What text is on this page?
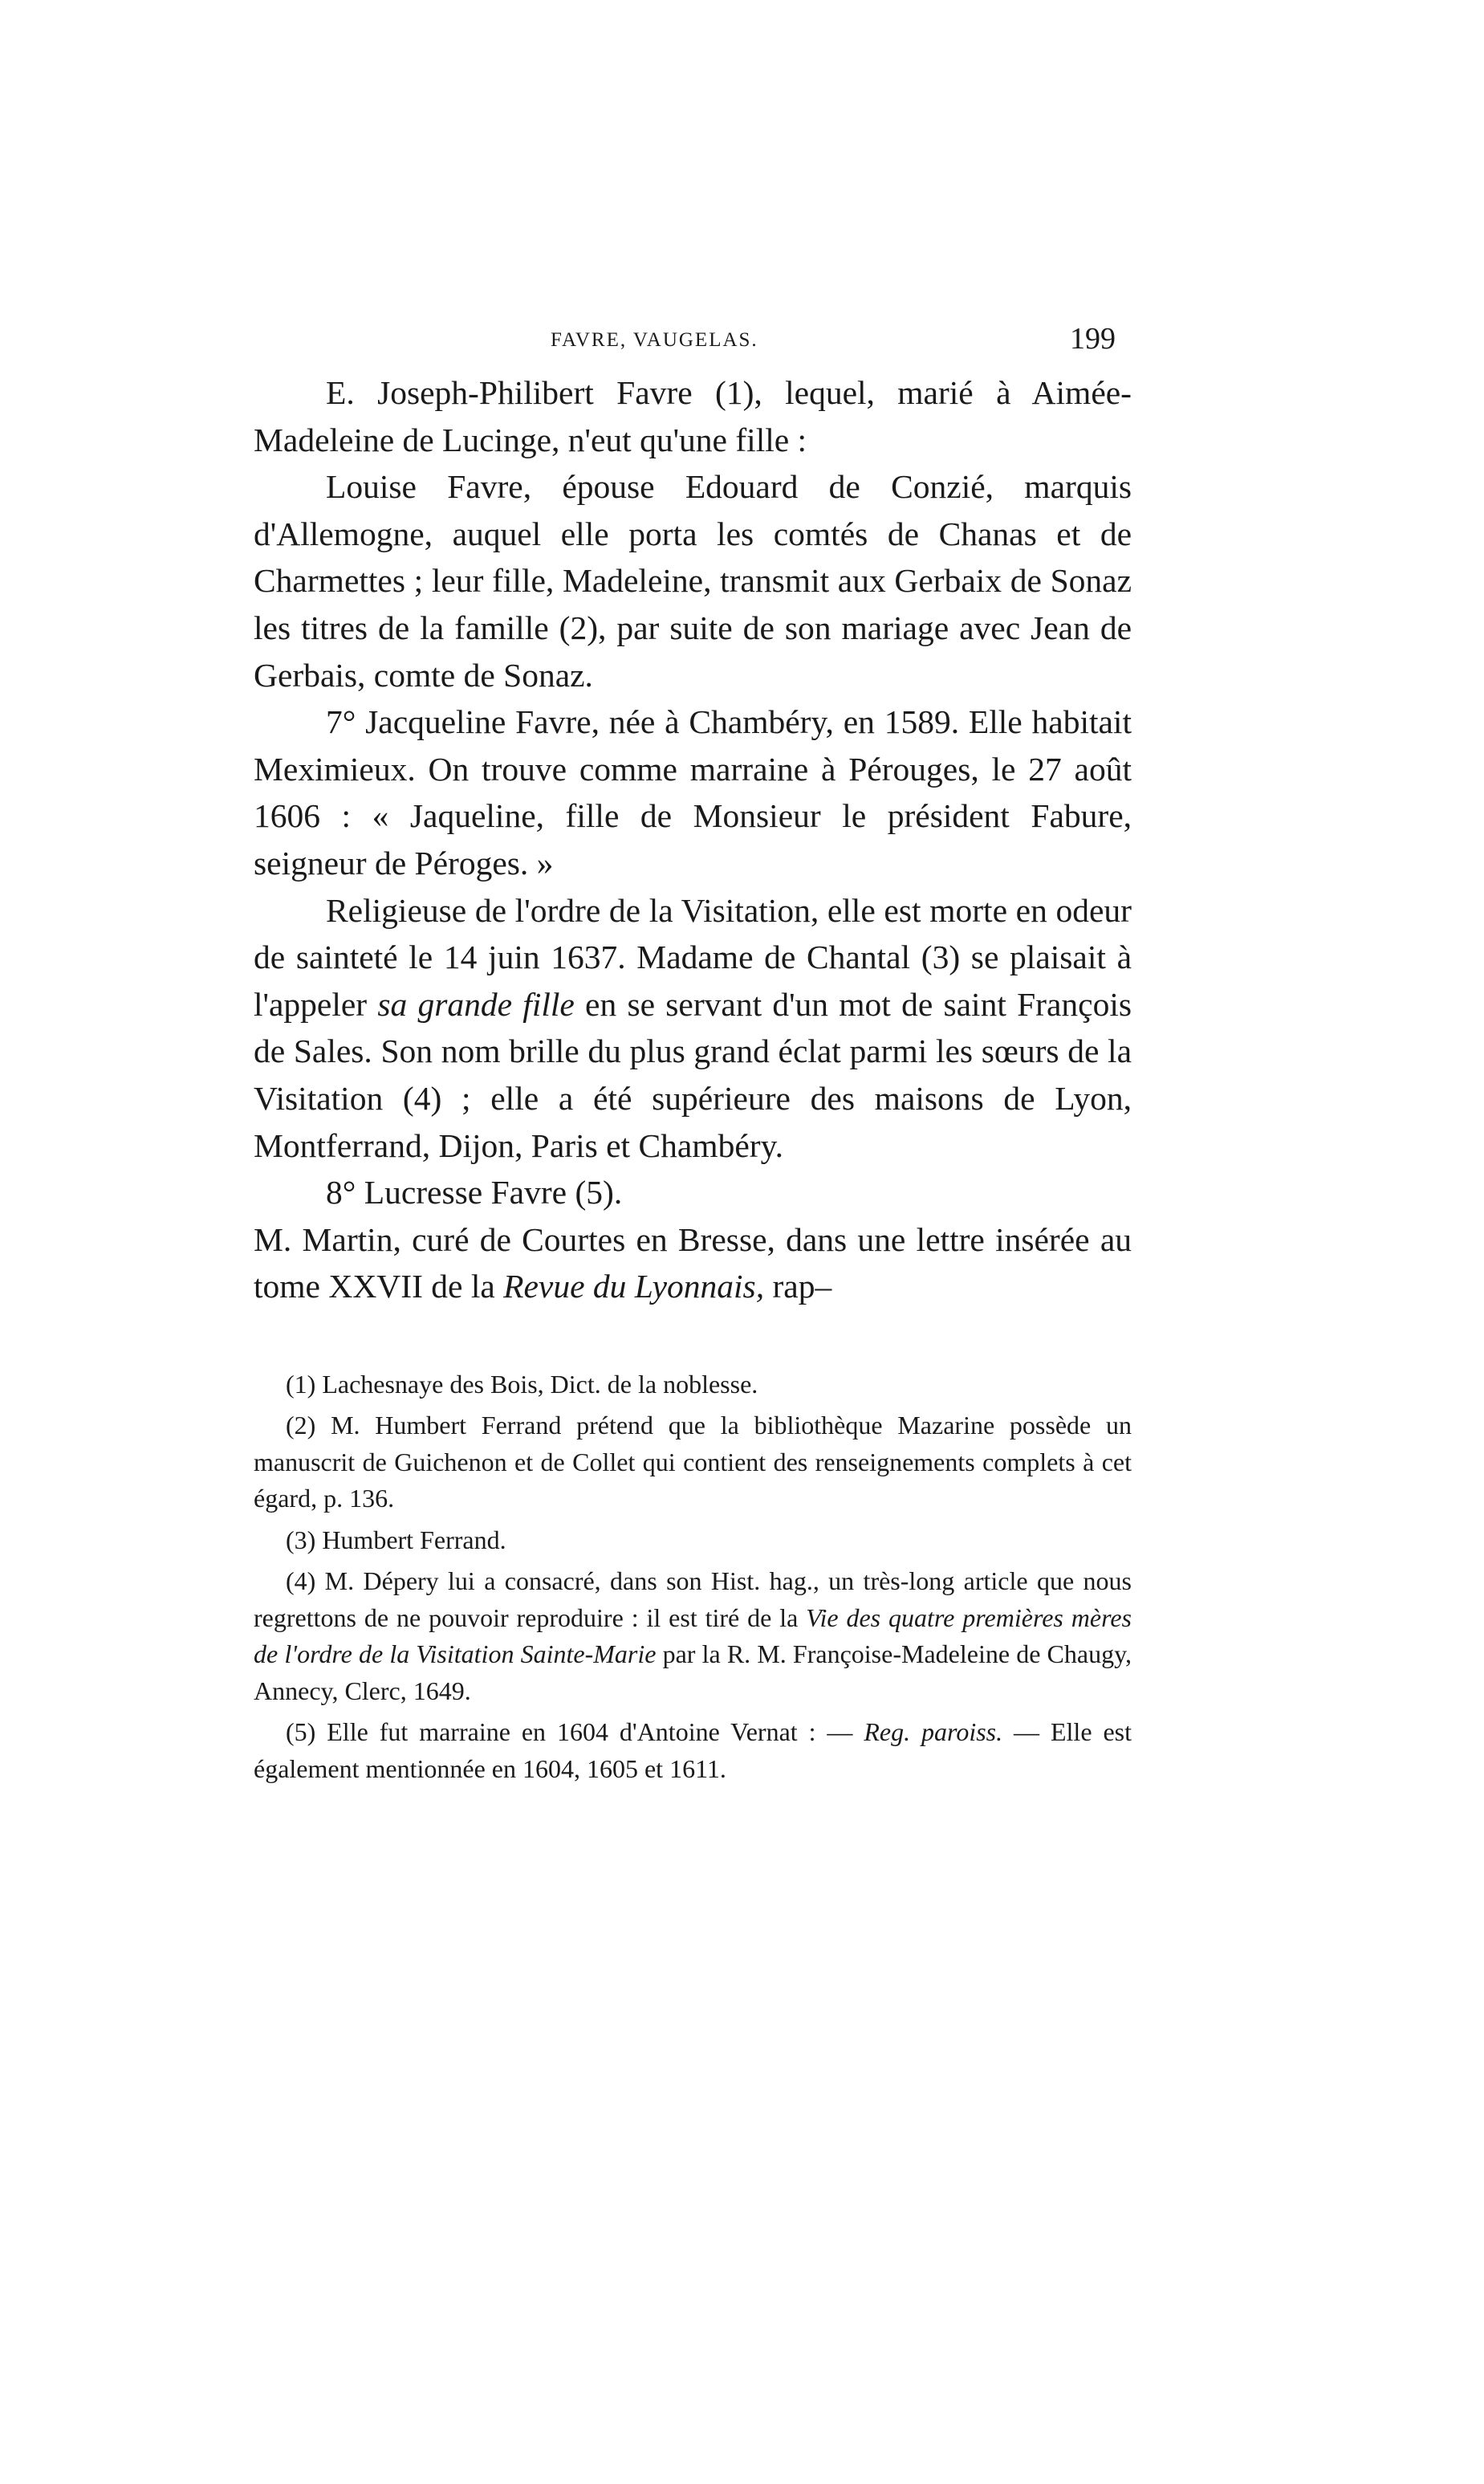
FAVRE, VAUGELAS.	199

E. Joseph-Philibert Favre (1), lequel, marié à Aimée-Madeleine de Lucinge, n'eut qu'une fille :

Louise Favre, épouse Edouard de Conzié, marquis d'Allemogne, auquel elle porta les comtés de Chanas et de Charmettes ; leur fille, Madeleine, transmit aux Gerbaix de Sonaz les titres de la famille (2), par suite de son mariage avec Jean de Gerbais, comte de Sonaz.

7° Jacqueline Favre, née à Chambéry, en 1589. Elle habitait Meximieux. On trouve comme marraine à Pérouges, le 27 août 1606 : « Jaqueline, fille de Monsieur le président Fabure, seigneur de Péroges. »

Religieuse de l'ordre de la Visitation, elle est morte en odeur de sainteté le 14 juin 1637. Madame de Chantal (3) se plaisait à l'appeler sa grande fille en se servant d'un mot de saint François de Sales. Son nom brille du plus grand éclat parmi les sœurs de la Visitation (4) ; elle a été supérieure des maisons de Lyon, Montferrand, Dijon, Paris et Chambéry.

8° Lucresse Favre (5).

M. Martin, curé de Courtes en Bresse, dans une lettre insérée au tome XXVII de la Revue du Lyonnais, rap–

(1) Lachesnaye des Bois, Dict. de la noblesse.

(2) M. Humbert Ferrand prétend que la bibliothèque Mazarine possède un manuscrit de Guichenon et de Collet qui contient des renseignements complets à cet égard, p. 136.

(3) Humbert Ferrand.

(4) M. Dépery lui a consacré, dans son Hist. hag., un très-long article que nous regrettons de ne pouvoir reproduire : il est tiré de la Vie des quatre premières mères de l'ordre de la Visitation Sainte-Marie par la R. M. Françoise-Madeleine de Chaugy, Annecy, Clerc, 1649.

(5) Elle fut marraine en 1604 d'Antoine Vernat : — Reg. paroiss. — Elle est également mentionnée en 1604, 1605 et 1611.
